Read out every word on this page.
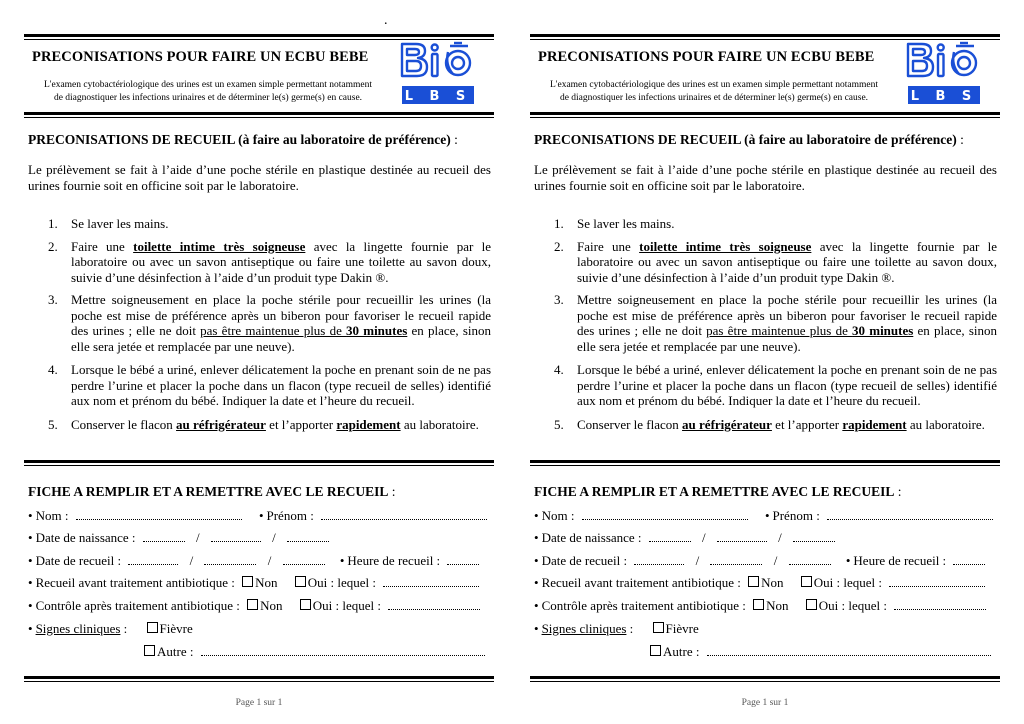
.
PRECONISATIONS POUR FAIRE UN ECBU BEBE
L'examen cytobactériologique des urines est un examen simple permettant notamment
de diagnostiquer les infections urinaires et de déterminer le(s) germe(s) en cause.	L B S
PRECONISATIONS DE RECUEIL (à faire au laboratoire de préférence) :
Le prélèvement se fait à l’aide d’une poche stérile en plastique destinée au recueil des urines fournie soit en officine soit par le laboratoire.
1. Se laver les mains.
2. Faire une toilette intime très soigneuse avec la lingette fournie par le laboratoire ou avec un savon antiseptique ou faire une toilette au savon doux, suivie d’une désinfection à l’aide d’un produit type Dakin ®.
3. Mettre soigneusement en place la poche stérile pour recueillir les urines (la poche est mise de préférence après un biberon pour favoriser le recueil rapide des urines ; elle ne doit pas être maintenue plus de 30 minutes en place, sinon elle sera jetée et remplacée par une neuve).
4. Lorsque le bébé a uriné, enlever délicatement la poche en prenant soin de ne pas perdre l’urine et placer la poche dans un flacon (type recueil de selles) identifié aux nom et prénom du bébé. Indiquer la date et l’heure du recueil.
5. Conserver le flacon au réfrigérateur et l’apporter rapidement au laboratoire.
FICHE A REMPLIR ET A REMETTRE AVEC LE RECUEIL :
• Nom :	• Prénom :
• Date de naissance :	/	/
• Date de recueil :	/	/	• Heure de recueil :
• Recueil avant traitement antibiotique : Non Oui : lequel :
• Contrôle après traitement antibiotique : Non Oui : lequel :
• Signes cliniques : Fièvre
Autre :
Page 1 sur 1
PRECONISATIONS POUR FAIRE UN ECBU BEBE
L'examen cytobactériologique des urines est un examen simple permettant notamment
de diagnostiquer les infections urinaires et de déterminer le(s) germe(s) en cause.	L B S
PRECONISATIONS DE RECUEIL (à faire au laboratoire de préférence) :
Le prélèvement se fait à l’aide d’une poche stérile en plastique destinée au recueil des urines fournie soit en officine soit par le laboratoire.
1. Se laver les mains.
2. Faire une toilette intime très soigneuse avec la lingette fournie par le laboratoire ou avec un savon antiseptique ou faire une toilette au savon doux, suivie d’une désinfection à l’aide d’un produit type Dakin ®.
3. Mettre soigneusement en place la poche stérile pour recueillir les urines (la poche est mise de préférence après un biberon pour favoriser le recueil rapide des urines ; elle ne doit pas être maintenue plus de 30 minutes en place, sinon elle sera jetée et remplacée par une neuve).
4. Lorsque le bébé a uriné, enlever délicatement la poche en prenant soin de ne pas perdre l’urine et placer la poche dans un flacon (type recueil de selles) identifié aux nom et prénom du bébé. Indiquer la date et l’heure du recueil.
5. Conserver le flacon au réfrigérateur et l’apporter rapidement au laboratoire.
FICHE A REMPLIR ET A REMETTRE AVEC LE RECUEIL :
• Nom :	• Prénom :
• Date de naissance :	/	/
• Date de recueil :	/	/	• Heure de recueil :
• Recueil avant traitement antibiotique : Non Oui : lequel :
• Contrôle après traitement antibiotique : Non Oui : lequel :
• Signes cliniques : Fièvre
Autre :
Page 1 sur 1
